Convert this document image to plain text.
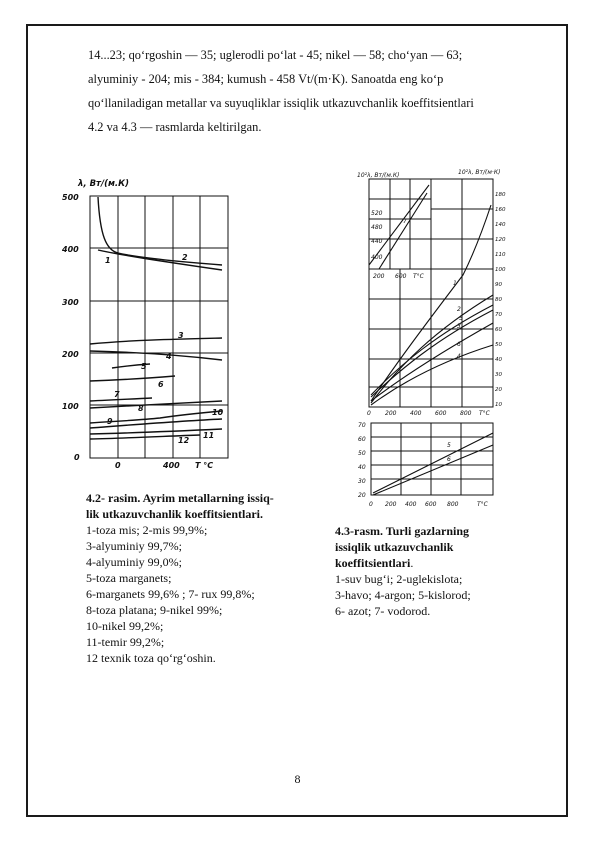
14...23; qo‘rgoshin — 35; uglerodli po‘lat - 45; nikel — 58; cho‘yan — 63;

alyuminiy - 204; mis - 384; kumush - 458 Vt/(m·K). Sanoatda eng ko‘p

qo‘llaniladigan metallar va suyuqliklar issiqlik utkazuvchanlik koeffitsientlari

4.2 va 4.3 — rasmlarda keltirilgan.

λ, Вт/(м.К)
500
400
300
200
100
0
0	400 T °C
1	2
3
4
5
6
7
8
9
10
11
12
10²λ, Вт/(м.К)	10²λ, Вт/(м·К)
520
480
440
400
200 600 T°C
7
180
160
140
120
110
100
90
80
70
60
50
40
30
20
10
0 200 400 600 800 T°C
1
2
3
4
5
6
70
60
50
40
30
20
0 200 400 600 800	T°C
5
6
4.2- rasim. Ayrim metallarning issiq-
lik utkazuvchanlik koeffitsientlari.
1-toza mis; 2-mis 99,9%;
3-alyuminiy 99,7%;
4-alyuminiy 99,0%;
5-toza marganets;
6-marganets 99,6% ; 7- rux 99,8%;
8-toza platana; 9-nikel 99%;
10-nikel 99,2%;
11-temir 99,2%;
12 texnik toza qo‘rg‘oshin.
4.3-rasm. Turli gazlarning
issiqlik utkazuvchanlik
koeffitsientlari.
1-suv bug‘i; 2-uglekislota;
3-havo; 4-argon; 5-kislorod;
6- azot; 7- vodorod.
8
